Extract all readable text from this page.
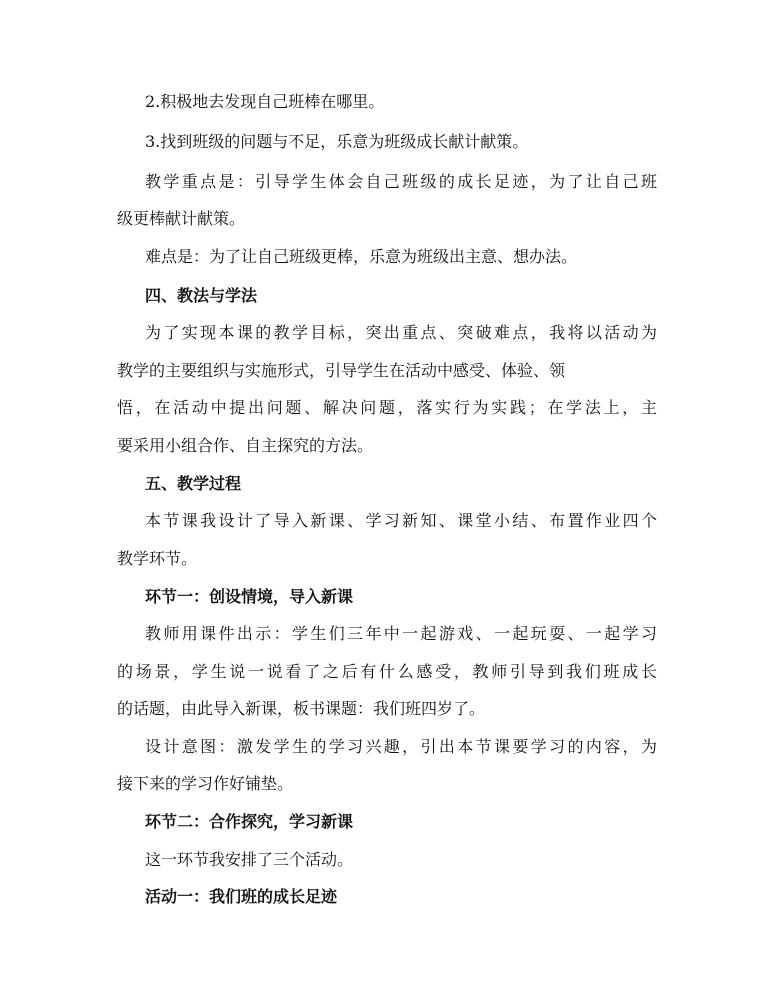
2.积极地去发现自己班棒在哪里。
3.找到班级的问题与不足，乐意为班级成长献计献策。
教学重点是：引导学生体会自己班级的成长足迹，为了让自己班
级更棒献计献策。
难点是：为了让自己班级更棒，乐意为班级出主意、想办法。
四、教法与学法
为了实现本课的教学目标，突出重点、突破难点，我将以活动为
教学的主要组织与实施形式，引导学生在活动中感受、体验、领
悟，在活动中提出问题、解决问题，落实行为实践；在学法上，主
要采用小组合作、自主探究的方法。
五、教学过程
本节课我设计了导入新课、学习新知、课堂小结、布置作业四个
教学环节。
环节一：创设情境，导入新课
教师用课件出示：学生们三年中一起游戏、一起玩耍、一起学习
的场景，学生说一说看了之后有什么感受，教师引导到我们班成长
的话题，由此导入新课，板书课题：我们班四岁了。
设计意图：激发学生的学习兴趣，引出本节课要学习的内容，为
接下来的学习作好铺垫。
环节二：合作探究，学习新课
这一环节我安排了三个活动。
活动一：我们班的成长足迹
